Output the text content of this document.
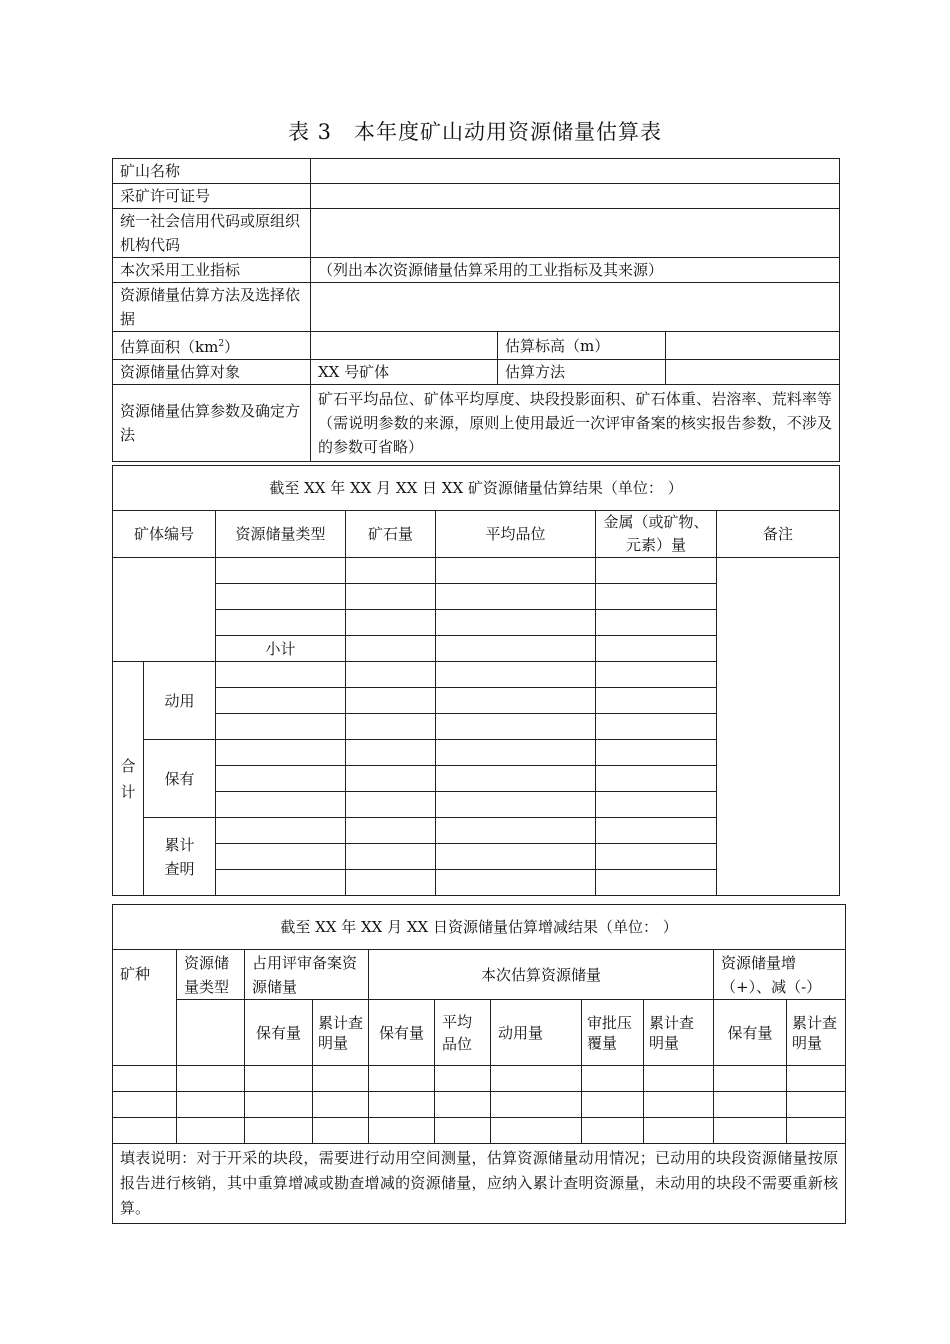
表 3 本年度矿山动用资源储量估算表
矿山名称			
采矿许可证号			
统一社会信用代码或原组织机构代码			
本次采用工业指标	（列出本次资源储量估算采用的工业指标及其来源）		
资源储量估算方法及选择依据			
估算面积$(km^2)$		估算标高（m）	
资源储量估算对象	XX 号矿体	估算方法	
资源储量估算参数及确定方法	矿石平均品位、矿体平均厚度、块段投影面积、矿石体重、岩溶率、荒料率等（需说明参数的来源，原则上使用最近一次评审备案的核实报告参数，不涉及的参数可省略）		
截至 XX 年 XX 月 XX 日 XX 矿资源储量估算结果（单位： ）						
矿体编号		资源储量类型	矿石量	平均品位	金属（或矿物、元素）量	备注

		小计				
合计	动用					

	保有					

	累计查明					

截至 XX 年 XX 月 XX 日资源储量估算增减结果（单位： ）										
矿种	资源储量类型	占用评审备案资源储量		本次估算资源储量					资源储量增（+）、减（-）	
		保有量	累计查明量	保有量	平均品位	动用量	审批压覆量	累计查明量	保有量	累计查明量

填表说明：对于开采的块段，需要进行动用空间测量，估算资源储量动用情况；已动用的块段资源储量按原报告进行核销，其中重算增减或勘查增减的资源储量，应纳入累计查明资源量，未动用的块段不需要重新核算。										
